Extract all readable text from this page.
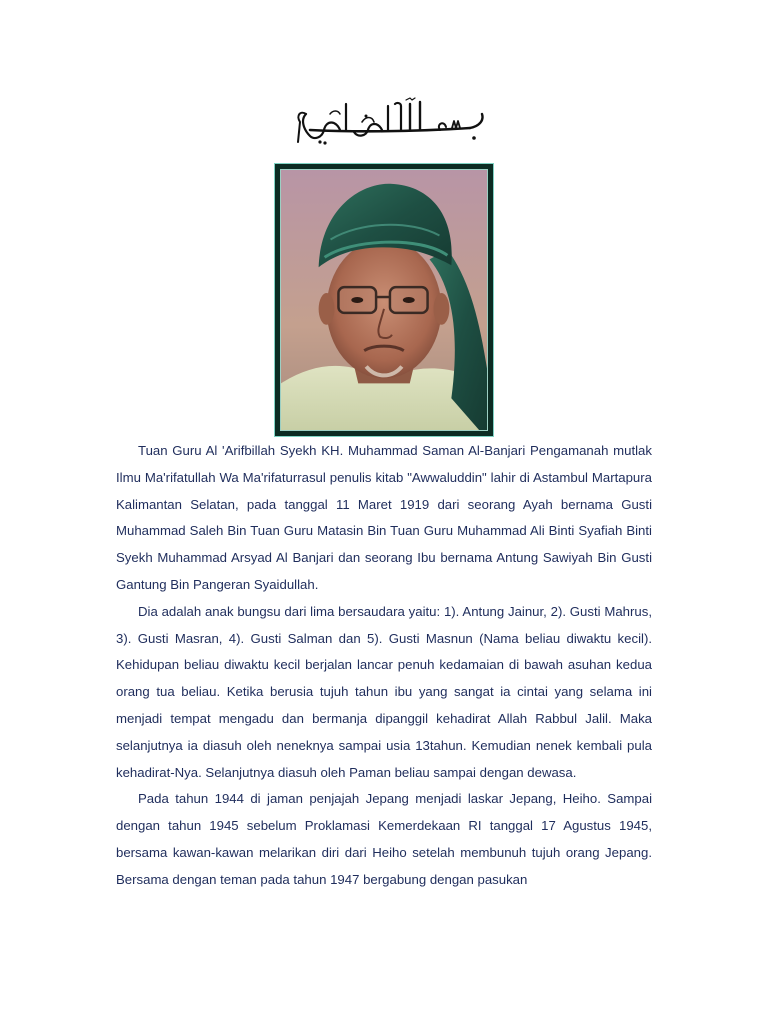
Tuan Guru Al 'Arifbillah Syekh KH. Muhammad Saman Al-Banjari Pengamanah mutlak Ilmu Ma'rifatullah Wa Ma'rifaturrasul penulis kitab "Awwaluddin" lahir di Astambul Martapura Kalimantan Selatan, pada tanggal 11 Maret 1919 dari seorang Ayah bernama Gusti Muhammad Saleh Bin Tuan Guru Matasin Bin Tuan Guru Muhammad Ali Binti Syafiah Binti Syekh Muhammad Arsyad Al Banjari dan seorang Ibu bernama Antung Sawiyah Bin Gusti Gantung Bin Pangeran Syaidullah.

Dia adalah anak bungsu dari lima bersaudara yaitu: 1). Antung Jainur, 2). Gusti Mahrus, 3). Gusti Masran, 4). Gusti Salman dan 5). Gusti Masnun (Nama beliau diwaktu kecil). Kehidupan beliau diwaktu kecil berjalan lancar penuh kedamaian di bawah asuhan kedua orang tua beliau. Ketika berusia tujuh tahun ibu yang sangat ia cintai yang selama ini menjadi tempat mengadu dan bermanja dipanggil kehadirat Allah Rabbul Jalil. Maka selanjutnya ia diasuh oleh neneknya sampai usia 13tahun. Kemudian nenek kembali pula kehadirat-Nya. Selanjutnya diasuh oleh Paman beliau sampai dengan dewasa.

Pada tahun 1944 di jaman penjajah Jepang menjadi laskar Jepang, Heiho. Sampai dengan tahun 1945 sebelum Proklamasi Kemerdekaan RI tanggal 17 Agustus 1945, bersama kawan-kawan melarikan diri dari Heiho setelah membunuh tujuh orang Jepang. Bersama dengan teman pada tahun 1947 bergabung dengan pasukan
